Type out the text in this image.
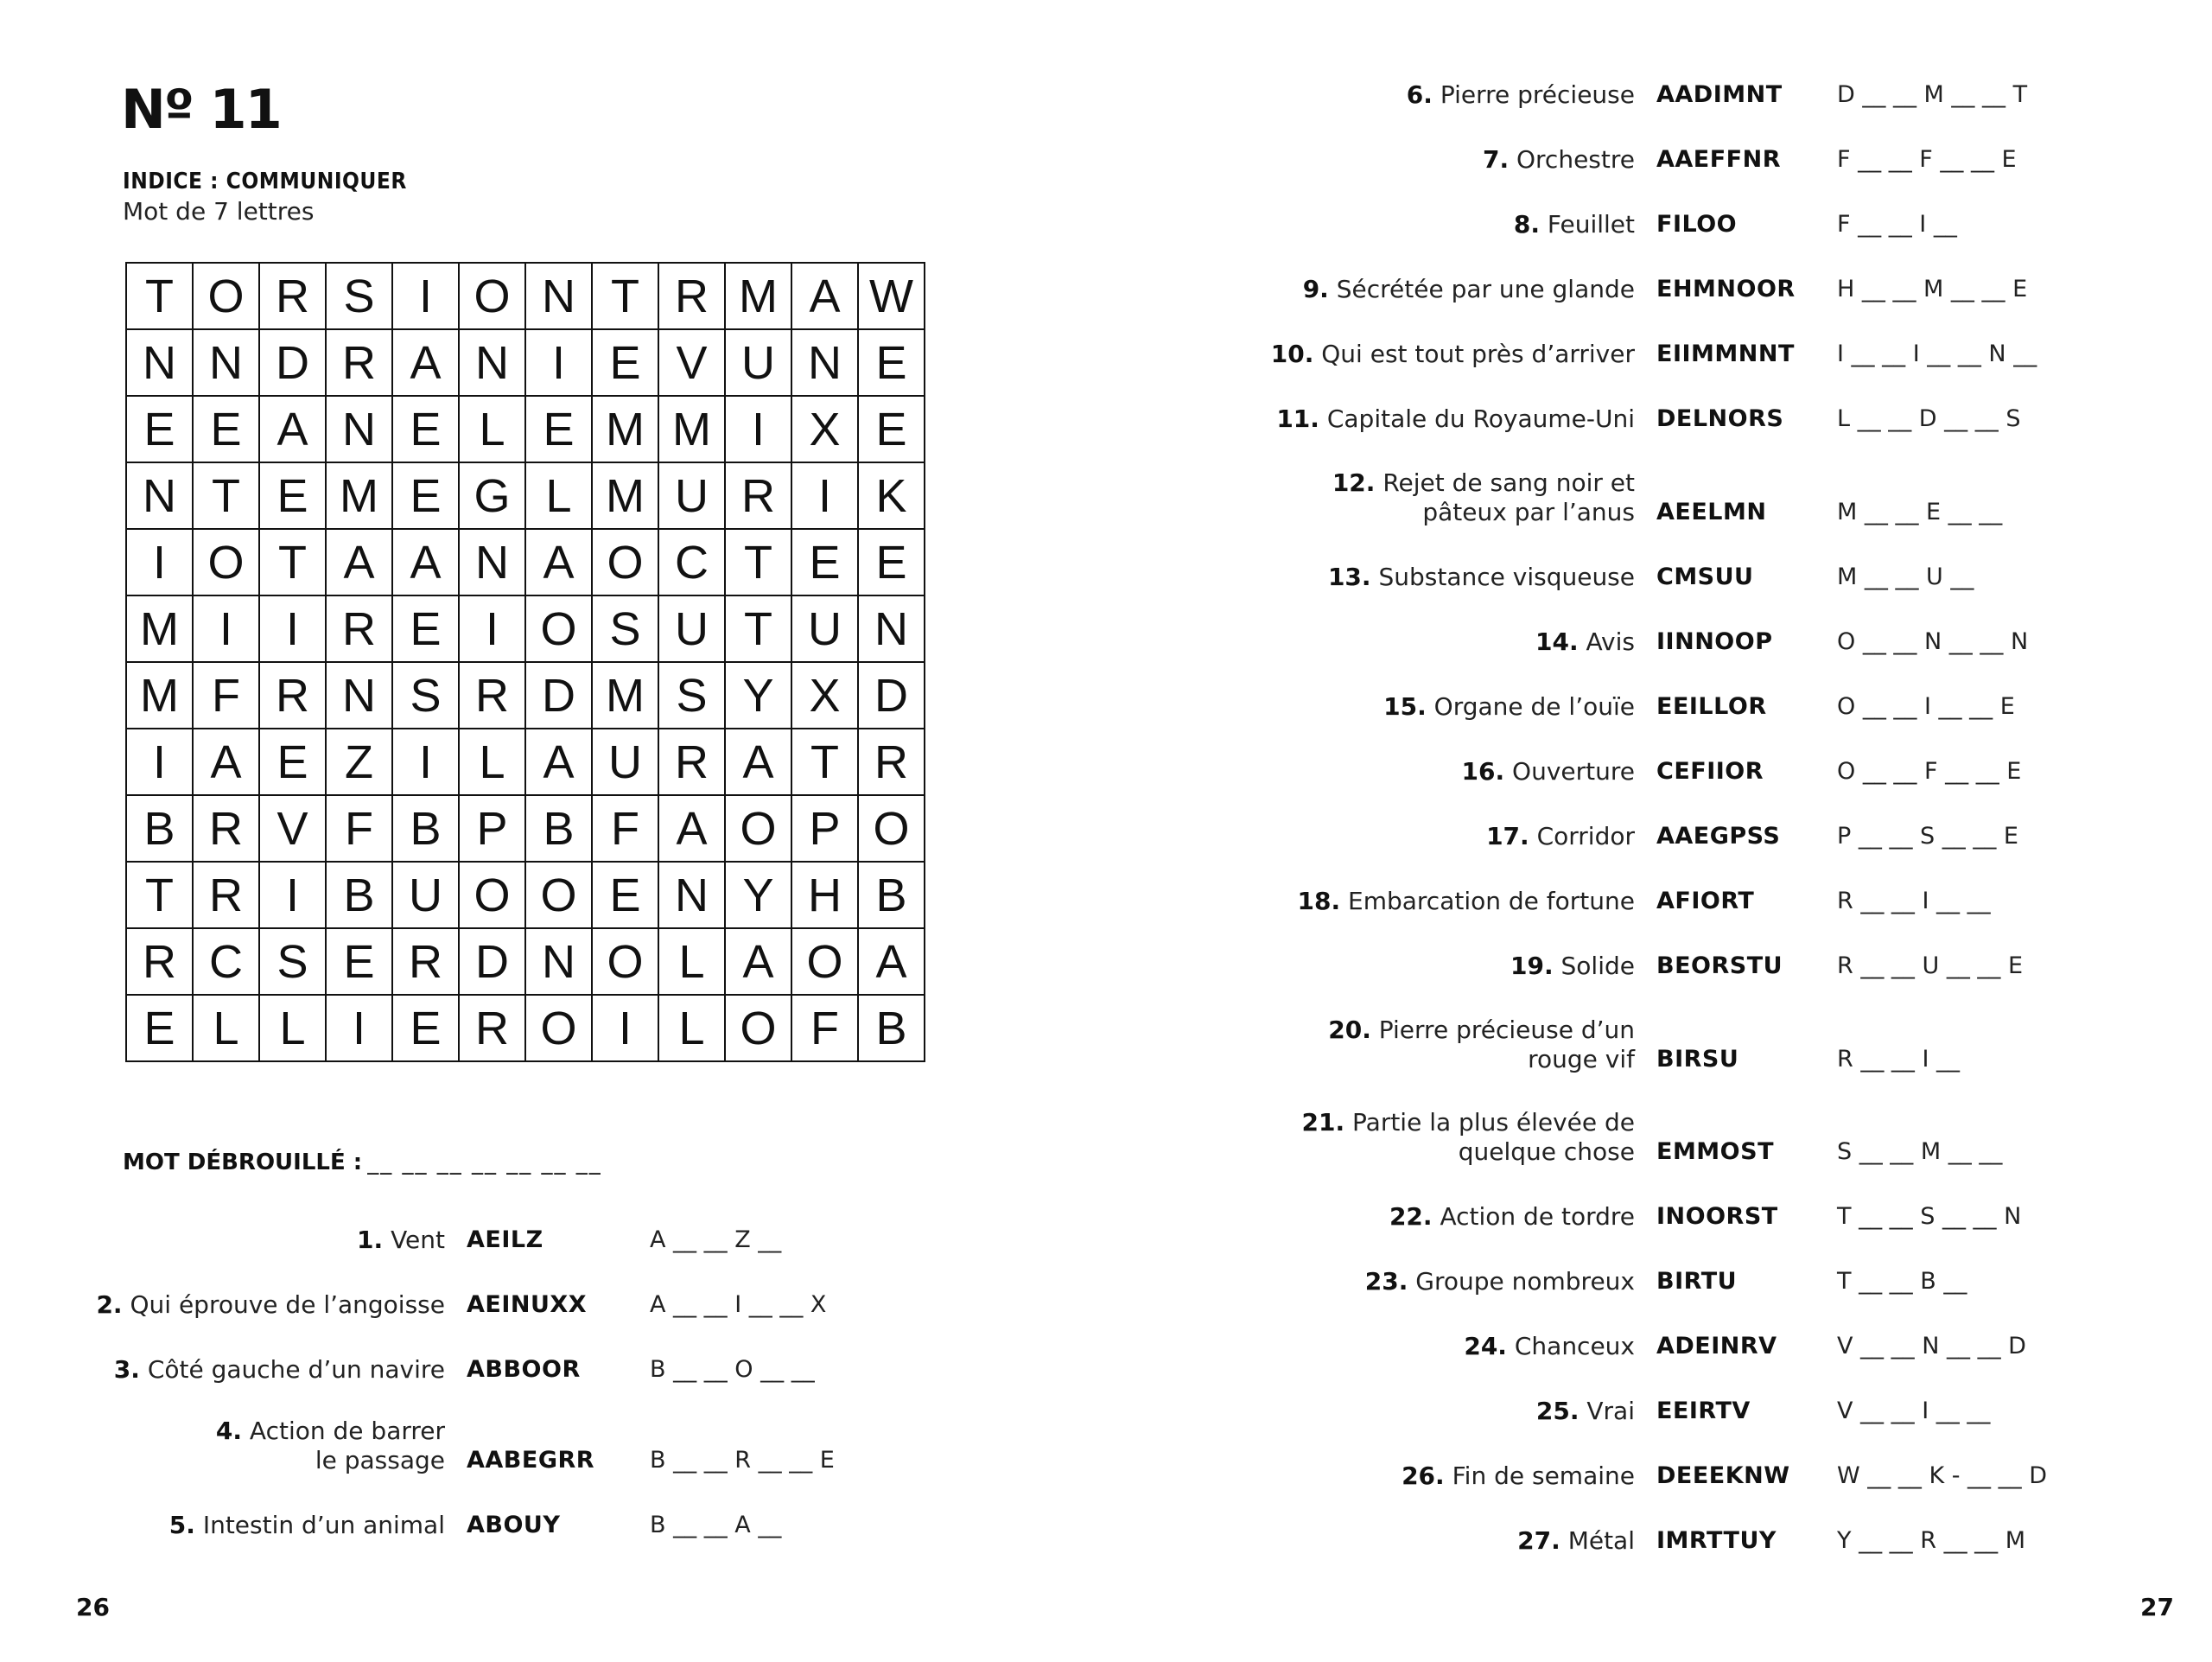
Nº 11
INDICE : COMMUNIQUER
Mot de 7 lettres
T O R S I O N T R M A W
N N D R A N I E V U N E
E E A N E L E M M I X E
N T E M E G L M U R I K
I O T A A N A O C T E E
M I	I R E I O S U T U N
M F R N S R D M S Y X D
I A E Z I	L A U R A T R
B R V F B P B F A O P O
T R I B U O O E N Y H B
R C S E R D N O L A O A
E L L	I E R O I	L O F B
MOT DÉBROUILLÉ : __ __ __ __ __ __ __
1. Vent AEILZ	A __ __ Z __
2. Qui éprouve de l’angoisse AEINUXX	A __ __ I __ __ X
3. Côté gauche d’un navire ABBOOR	B __ __ O __ __
4. Action de barrer
le passage AABEGRR B __ __ R __ __ E
5. Intestin d’un animal ABOUY	B __ __ A __
26
6. Pierre précieuse AADIMNT D __ __ M __ __ T
7. Orchestre AAEFFNR F __ __ F __ __ E
8. Feuillet FILOO	F __ __ I __
9. Sécrétée par une glande EHMNOOR H __ __ M __ __ E
10. Qui est tout près d’arriver EIIMMNNT I __ __ I __ __ N __
11. Capitale du Royaume-Uni DELNORS L __ __ D __ __ S
12. Rejet de sang noir et
pâteux par l’anus AEELMN	M __ __ E __ __
13. Substance visqueuse CMSUU	M __ __ U __
14. Avis IINNOOP	O __ __ N __ __ N
15. Organe de l’ouïe EEILLOR	O __ __ I __ __ E
16. Ouverture CEFIIOR	O __ __ F __ __ E
17. Corridor AAEGPSS P __ __ S __ __ E
18. Embarcation de fortune AFIORT	R __ __ I __ __
19. Solide BEORSTU R __ __ U __ __ E
20. Pierre précieuse d’un
rouge vif BIRSU	R __ __ I __
21. Partie la plus élevée de
quelque chose EMMOST	S __ __ M __ __
22. Action de tordre INOORST	T __ __ S __ __ N
23. Groupe nombreux BIRTU	T __ __ B __
24. Chanceux ADEINRV	V __ __ N __ __ D
25. Vrai EEIRTV	V __ __ I __ __
26. Fin de semaine DEEEKNW W __ __ K - __ __ D
27. Métal IMRTTUY	Y __ __ R __ __ M
27
